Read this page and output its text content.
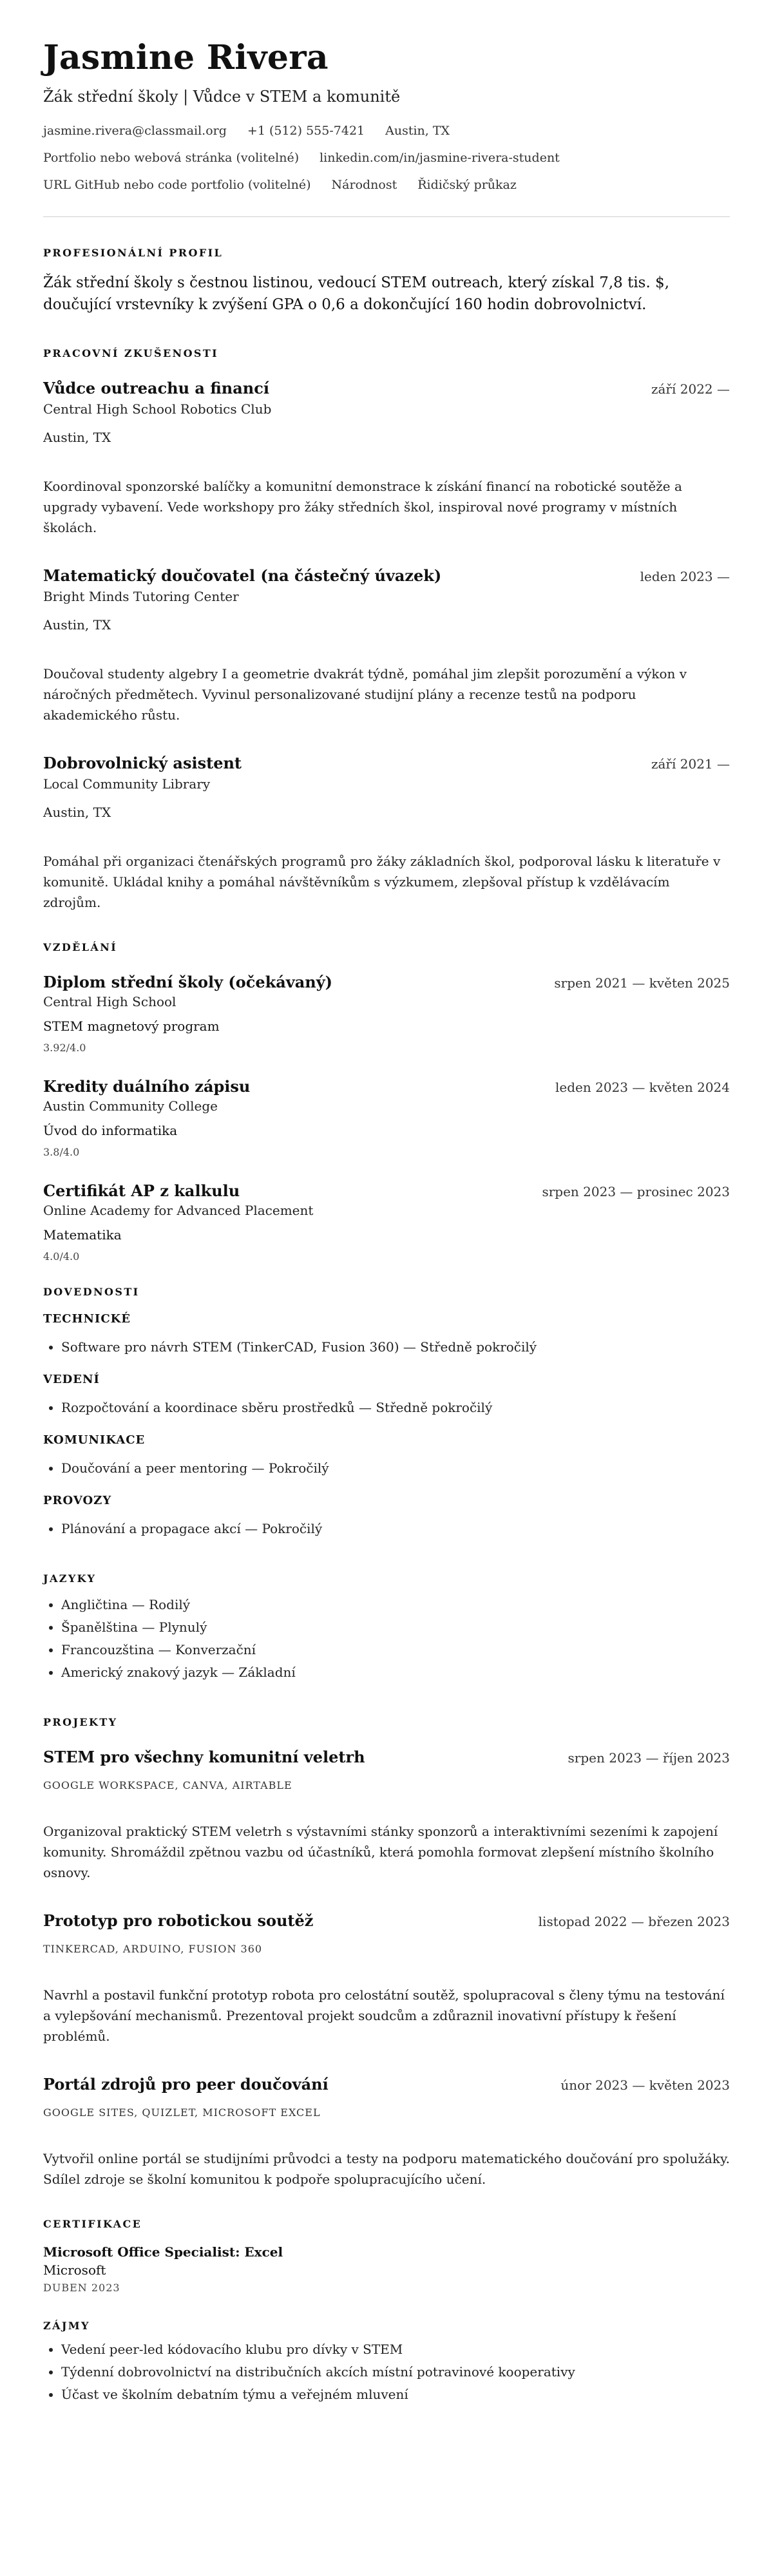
Jasmine Rivera
Žák střední školy | Vůdce v STEM a komunitě
jasmine.rivera@classmail.org +1 (512) 555-7421 Austin, TX
Portfolio nebo webová stránka (volitelné) linkedin.com/in/jasmine-rivera-student
URL GitHub nebo code portfolio (volitelné) Národnost Řidičský průkaz
PROFESIONÁLNÍ PROFIL
Žák střední školy s čestnou listinou, vedoucí STEM outreach, který získal 7,8 tis. $, doučující vrstevníky k zvýšení GPA o 0,6 a dokončující 160 hodin dobrovolnictví.
PRACOVNÍ ZKUŠENOSTI
Vůdce outreachu a financí	září 2022 —
Central High School Robotics Club
Austin, TX
Koordinoval sponzorské balíčky a komunitní demonstrace k získání financí na robotické soutěže a upgrady vybavení. Vede workshopy pro žáky středních škol, inspiroval nové programy v místních školách.
Matematický doučovatel (na částečný úvazek)	leden 2023 —
Bright Minds Tutoring Center
Austin, TX
Doučoval studenty algebry I a geometrie dvakrát týdně, pomáhal jim zlepšit porozumění a výkon v náročných předmětech. Vyvinul personalizované studijní plány a recenze testů na podporu akademického růstu.
Dobrovolnický asistent	září 2021 —
Local Community Library
Austin, TX
Pomáhal při organizaci čtenářských programů pro žáky základních škol, podporoval lásku k literatuře v komunitě. Ukládal knihy a pomáhal návštěvníkům s výzkumem, zlepšoval přístup k vzdělávacím zdrojům.
VZDĚLÁNÍ
Diplom střední školy (očekávaný)	srpen 2021 — květen 2025
Central High School
STEM magnetový program
3.92/4.0
Kredity duálního zápisu	leden 2023 — květen 2024
Austin Community College
Úvod do informatika
3.8/4.0
Certifikát AP z kalkulu	srpen 2023 — prosinec 2023
Online Academy for Advanced Placement
Matematika
4.0/4.0
DOVEDNOSTI
TECHNICKÉ
• Software pro návrh STEM (TinkerCAD, Fusion 360) — Středně pokročilý
VEDENÍ
• Rozpočtování a koordinace sběru prostředků — Středně pokročilý
KOMUNIKACE
• Doučování a peer mentoring — Pokročilý
PROVOZY
• Plánování a propagace akcí — Pokročilý
JAZYKY
• Angličtina — Rodilý
• Španělština — Plynulý
• Francouzština — Konverzační
• Americký znakový jazyk — Základní
PROJEKTY
STEM pro všechny komunitní veletrh	srpen 2023 — říjen 2023
GOOGLE WORKSPACE, CANVA, AIRTABLE
Organizoval praktický STEM veletrh s výstavními stánky sponzorů a interaktivními sezeními k zapojení komunity. Shromáždil zpětnou vazbu od účastníků, která pomohla formovat zlepšení místního školního osnovy.
Prototyp pro robotickou soutěž	listopad 2022 — březen 2023
TINKERCAD, ARDUINO, FUSION 360
Navrhl a postavil funkční prototyp robota pro celostátní soutěž, spolupracoval s členy týmu na testování a vylepšování mechanismů. Prezentoval projekt soudcům a zdůraznil inovativní přístupy k řešení problémů.
Portál zdrojů pro peer doučování	únor 2023 — květen 2023
GOOGLE SITES, QUIZLET, MICROSOFT EXCEL
Vytvořil online portál se studijními průvodci a testy na podporu matematického doučování pro spolužáky. Sdílel zdroje se školní komunitou k podpoře spolupracujícího učení.
CERTIFIKACE
Microsoft Office Specialist: Excel
Microsoft
DUBEN 2023
ZÁJMY
• Vedení peer-led kódovacího klubu pro dívky v STEM
• Týdenní dobrovolnictví na distribučních akcích místní potravinové kooperativy
• Účast ve školním debatním týmu a veřejném mluvení
